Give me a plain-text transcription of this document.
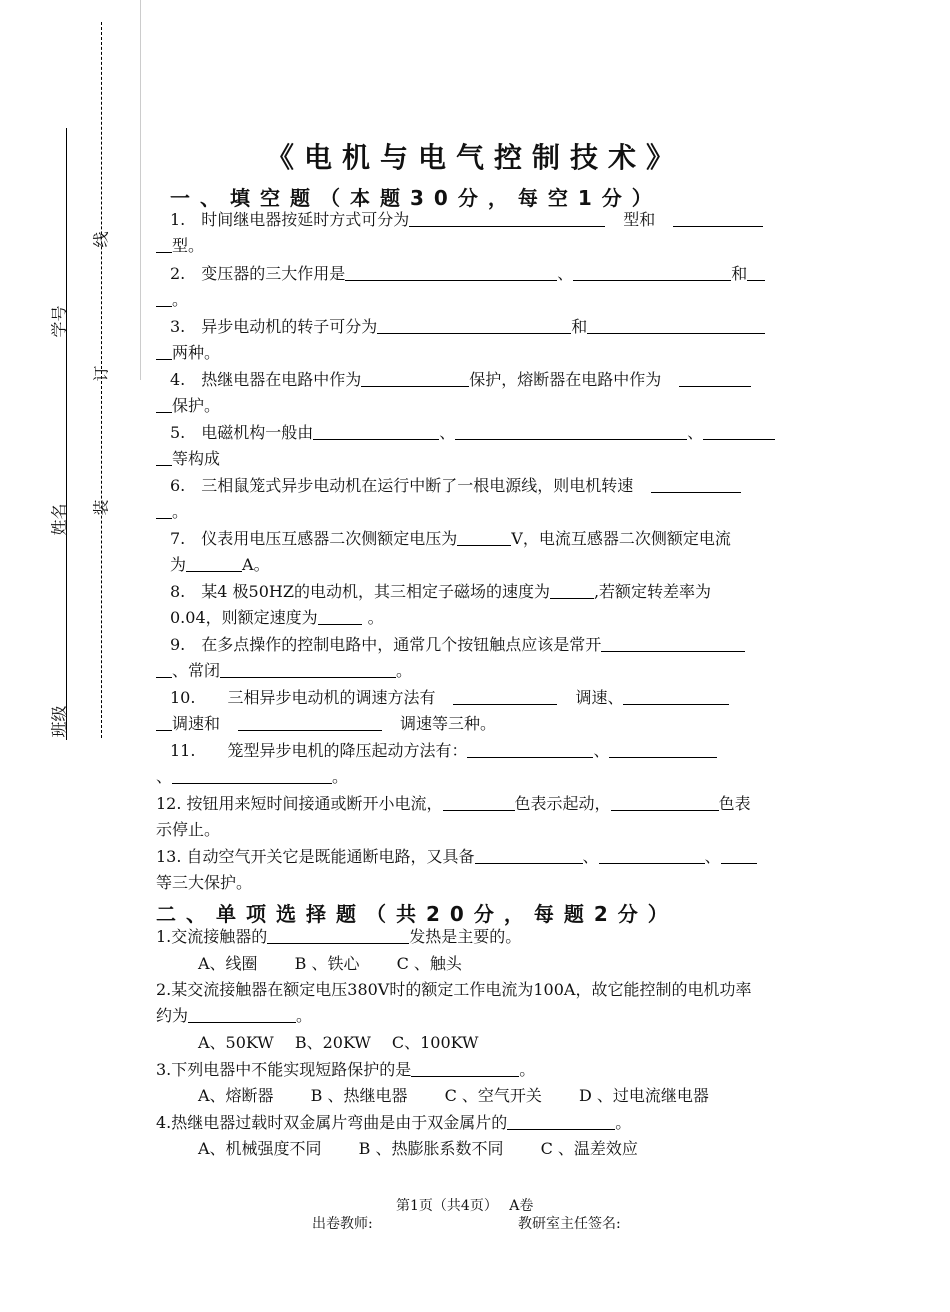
班级
姓名
学号
装
订
线
《电机与电气控制技术》
一、填空题（本题30分，每空1分）
1.　时间继电器按延时方式可分为	型和
型。
2.　变压器的三大作用是	、	和
。
3.　异步电动机的转子可分为	和
两种。
4.　热继电器在电路中作为	保护，熔断器在电路中作为
保护。
5.　电磁机构一般由	、	、
等构成
6.　三相鼠笼式异步电动机在运行中断了一根电源线，则电机转速
。
7.　仪表用电压互感器二次侧额定电压为	V，电流互感器二次侧额定电流
为	A。
8.　某4 极50HZ的电动机，其三相定子磁场的速度为	,若额定转差率为
0.04，则额定速度为	。
9.　在多点操作的控制电路中，通常几个按钮触点应该是常开
、常闭	。
10.　　三相异步电动机的调速方法有	调速、
调速和	调速等三种。
11.　　笼型异步电机的降压起动方法有：	、
、	。
12. 按钮用来短时间接通或断开小电流，	色表示起动，	色表
示停止。
13. 自动空气开关它是既能通断电路，又具备	、	、
等三大保护。
二、单项选择题（共20分，每题2分）
1.交流接触器的	发热是主要的。
A、线圈　　 B 、铁心　　 C 、触头
2.某交流接触器在额定电压380V时的额定工作电流为100A，故它能控制的电机功率
约为	。
A、50KW　 B、20KW　 C、100KW
3.下列电器中不能实现短路保护的是	。
A、熔断器　　 B 、热继电器　　 C 、空气开关　　 D 、过电流继电器
4.热继电器过载时双金属片弯曲是由于双金属片的	。
A、机械强度不同　　 B 、热膨胀系数不同　　 C 、温差效应
第1页（共4页）　 A卷
出卷教师:	教研室主任签名:
